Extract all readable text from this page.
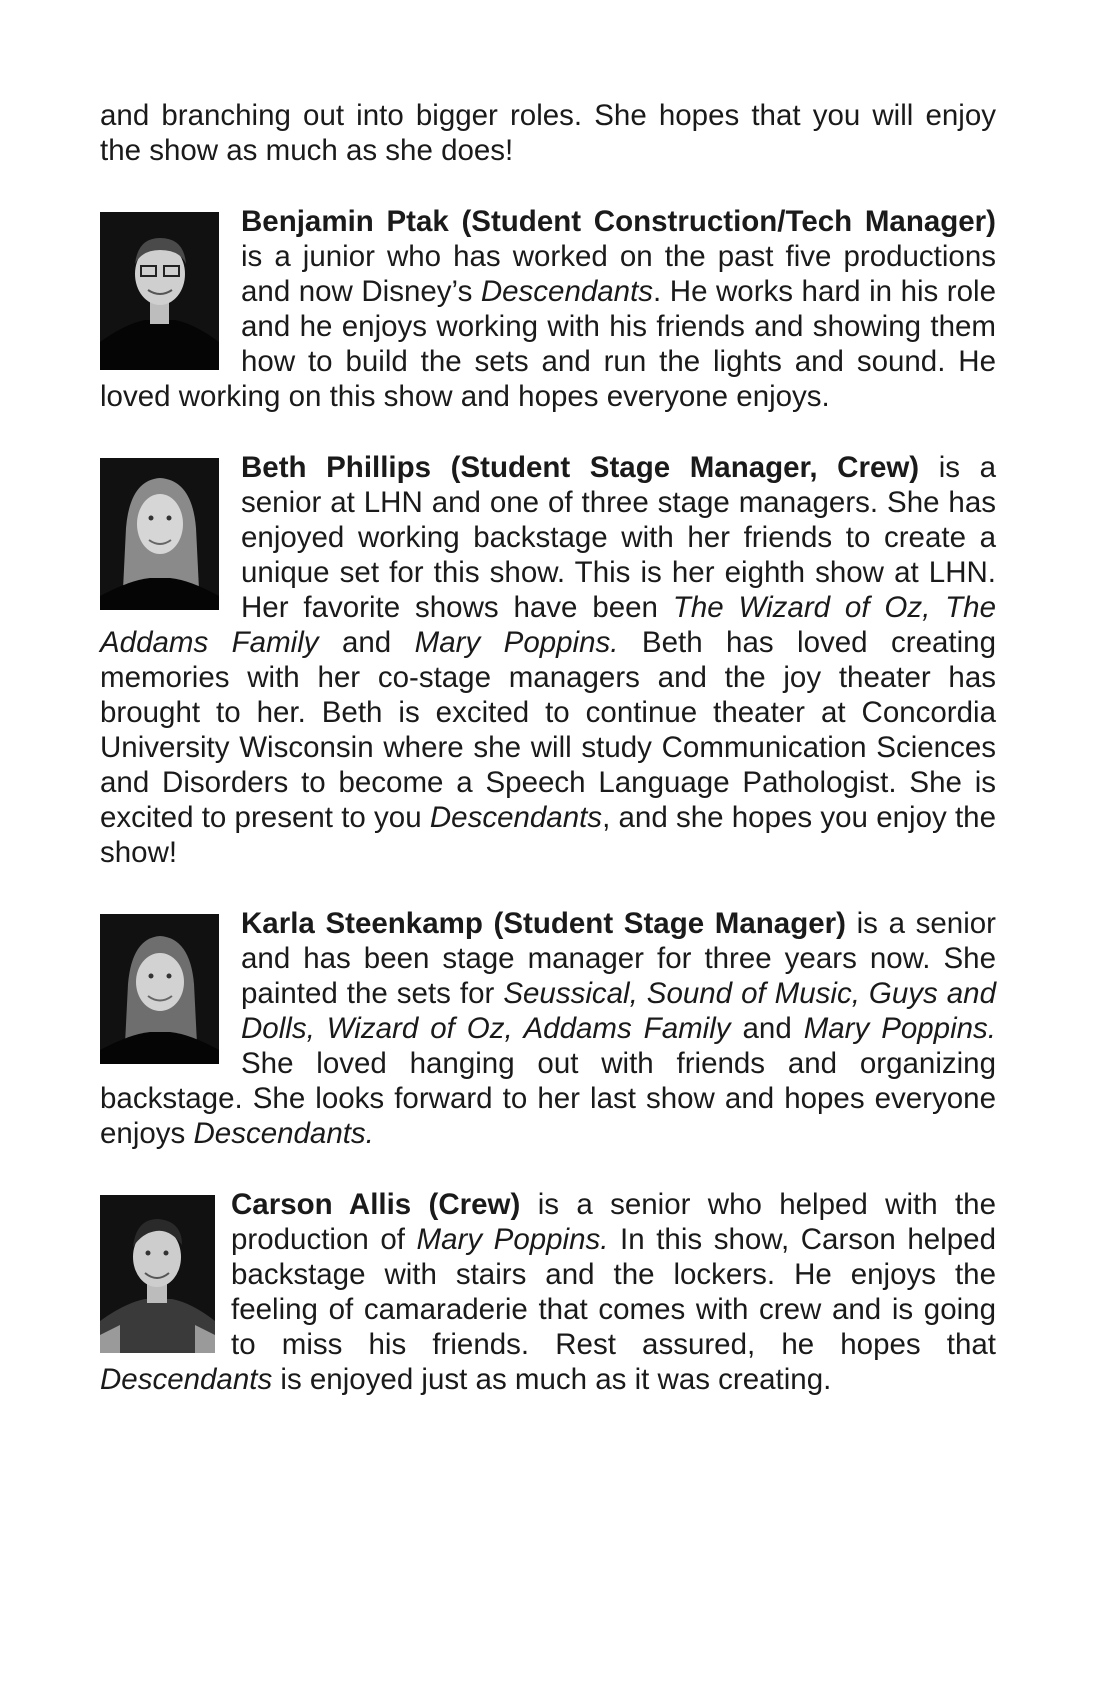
and branching out into bigger roles. She hopes that you will enjoy the show as much as she does!

Benjamin Ptak (Student Construction/Tech Manager) is a junior who has worked on the past five productions and now Disney’s Descendants. He works hard in his role and he enjoys working with his friends and showing them how to build the sets and run the lights and sound. He loved working on this show and hopes everyone enjoys.

Beth Phillips (Student Stage Manager, Crew) is a senior at LHN and one of three stage managers. She has enjoyed working backstage with her friends to create a unique set for this show. This is her eighth show at LHN. Her favorite shows have been The Wizard of Oz, The Addams Family and Mary Poppins. Beth has loved creating memories with her co-stage managers and the joy theater has brought to her. Beth is excited to continue theater at Concordia University Wisconsin where she will study Communication Sciences and Disorders to become a Speech Language Pathologist. She is excited to present to you Descendants, and she hopes you enjoy the show!

Karla Steenkamp (Student Stage Manager) is a senior and has been stage manager for three years now. She painted the sets for Seussical, Sound of Music, Guys and Dolls, Wizard of Oz, Addams Family and Mary Poppins. She loved hanging out with friends and organizing backstage. She looks forward to her last show and hopes everyone enjoys Descendants.

Carson Allis (Crew) is a senior who helped with the production of Mary Poppins. In this show, Carson helped backstage with stairs and the lockers. He enjoys the feeling of camaraderie that comes with crew and is going to miss his friends. Rest assured, he hopes that Descendants is enjoyed just as much as it was creating.
